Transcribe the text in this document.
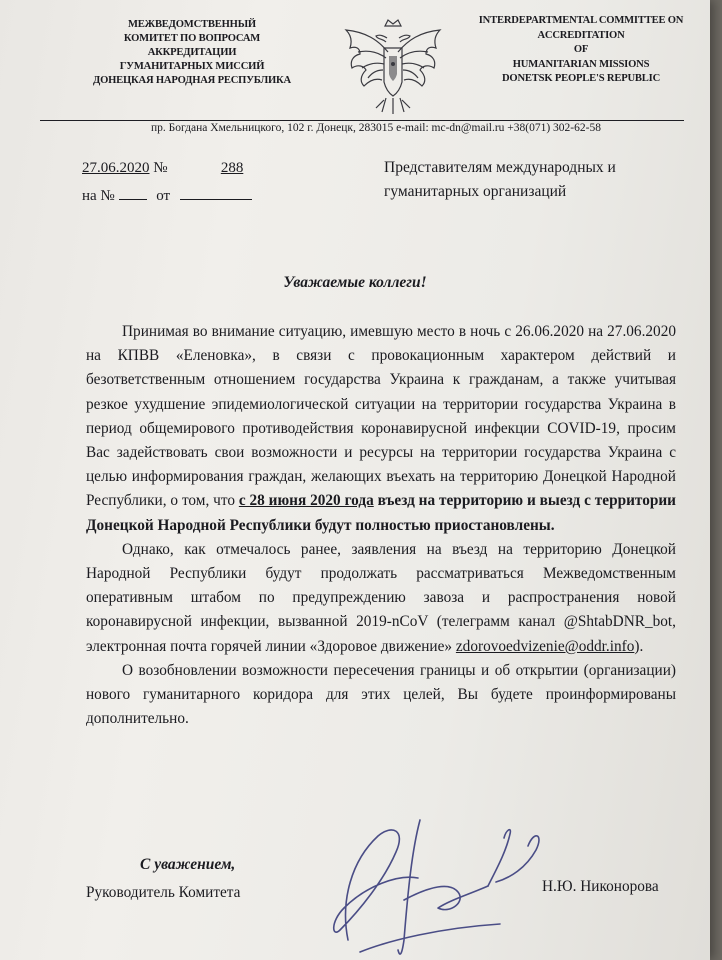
МЕЖВЕДОМСТВЕННЫЙ
КОМИТЕТ ПО ВОПРОСАМ
АККРЕДИТАЦИИ
ГУМАНИТАРНЫХ МИССИЙ
ДОНЕЦКАЯ НАРОДНАЯ РЕСПУБЛИКА
INTERDEPARTMENTAL COMMITTEE ON
ACCREDITATION
OF
HUMANITARIAN MISSIONS
DONETSK PEOPLE'S REPUBLIC
пр. Богдана Хмельницкого, 102 г. Донецк, 283015 e-mail: mc-dn@mail.ru +38(071) 302-62-58
27.06.2020 №	288
на №	от
Представителям международных и гуманитарных организаций
Уважаемые коллеги!

Принимая во внимание ситуацию, имевшую место в ночь с 26.06.2020 на 27.06.2020 на КПВВ «Еленовка», в связи с провокационным характером действий и безответственным отношением государства Украина к гражданам, а также учитывая резкое ухудшение эпидемиологической ситуации на территории государства Украина в период общемирового противодействия коронавирусной инфекции COVID-19, просим Вас задействовать свои возможности и ресурсы на территории государства Украина с целью информирования граждан, желающих въехать на территорию Донецкой Народной Республики, о том, что с 28 июня 2020 года въезд на территорию и выезд с территории Донецкой Народной Республики будут полностью приостановлены.

Однако, как отмечалось ранее, заявления на въезд на территорию Донецкой Народной Республики будут продолжать рассматриваться Межведомственным оперативным штабом по предупреждению завоза и распространения новой коронавирусной инфекции, вызванной 2019-nCoV (телеграмм канал @ShtabDNR_bot, электронная почта горячей линии «Здоровое движение» zdorovoedvizenie@oddr.info).

О возобновлении возможности пересечения границы и об открытии (организации) нового гуманитарного коридора для этих целей, Вы будете проинформированы дополнительно.

С уважением,
Руководитель Комитета	Н.Ю. Никонорова
